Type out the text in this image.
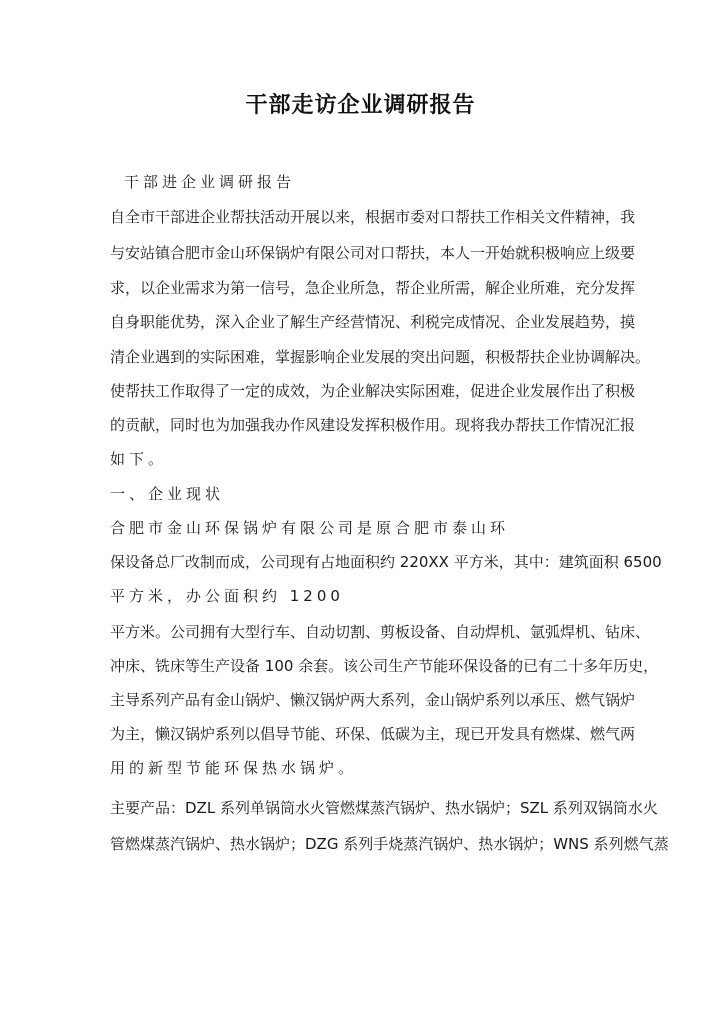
干部走访企业调研报告
干部进企业调研报告
自全市干部进企业帮扶活动开展以来，根据市委对口帮扶工作相关文件精神，我
与安站镇合肥市金山环保锅炉有限公司对口帮扶，本人一开始就积极响应上级要
求，以企业需求为第一信号，急企业所急，帮企业所需，解企业所难，充分发挥
自身职能优势，深入企业了解生产经营情况、利税完成情况、企业发展趋势，摸
清企业遇到的实际困难，掌握影响企业发展的突出问题，积极帮扶企业协调解决。
使帮扶工作取得了一定的成效，为企业解决实际困难，促进企业发展作出了积极
的贡献，同时也为加强我办作风建设发挥积极作用。现将我办帮扶工作情况汇报
如下。
一、企业现状
合肥市金山环保锅炉有限公司是原合肥市泰山环
保设备总厂改制而成，公司现有占地面积约 220XX 平方米，其中：建筑面积 6500
平方米，办公面积约 1200
平方米。公司拥有大型行车、自动切割、剪板设备、自动焊机、氩弧焊机、钻床、
冲床、铣床等生产设备 100 余套。该公司生产节能环保设备的已有二十多年历史，
主导系列产品有金山锅炉、懒汉锅炉两大系列，金山锅炉系列以承压、燃气锅炉
为主，懒汉锅炉系列以倡导节能、环保、低碳为主，现已开发具有燃煤、燃气两
用的新型节能环保热水锅炉。
主要产品：DZL 系列单锅筒水火管燃煤蒸汽锅炉、热水锅炉；SZL 系列双锅筒水火
管燃煤蒸汽锅炉、热水锅炉；DZG 系列手烧蒸汽锅炉、热水锅炉；WNS 系列燃气蒸
